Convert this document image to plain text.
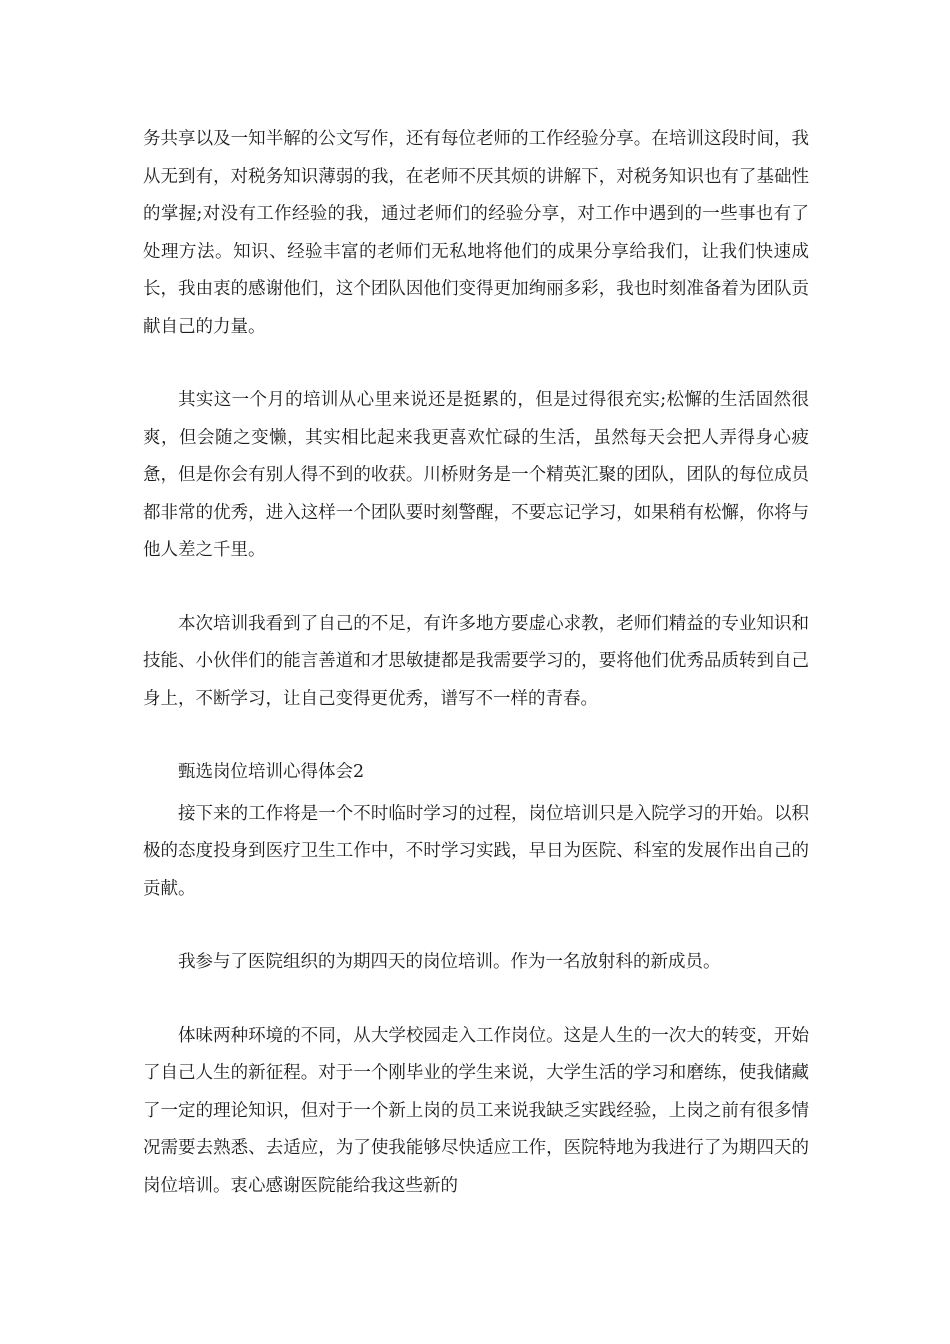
务共享以及一知半解的公文写作，还有每位老师的工作经验分享。在培训这段时间，我从无到有，对税务知识薄弱的我，在老师不厌其烦的讲解下，对税务知识也有了基础性的掌握;对没有工作经验的我，通过老师们的经验分享，对工作中遇到的一些事也有了处理方法。知识、经验丰富的老师们无私地将他们的成果分享给我们，让我们快速成长，我由衷的感谢他们，这个团队因他们变得更加绚丽多彩，我也时刻准备着为团队贡献自己的力量。

其实这一个月的培训从心里来说还是挺累的，但是过得很充实;松懈的生活固然很爽，但会随之变懒，其实相比起来我更喜欢忙碌的生活，虽然每天会把人弄得身心疲惫，但是你会有别人得不到的收获。川桥财务是一个精英汇聚的团队，团队的每位成员都非常的优秀，进入这样一个团队要时刻警醒，不要忘记学习，如果稍有松懈，你将与他人差之千里。

本次培训我看到了自己的不足，有许多地方要虚心求教，老师们精益的专业知识和技能、小伙伴们的能言善道和才思敏捷都是我需要学习的，要将他们优秀品质转到自己身上，不断学习，让自己变得更优秀，谱写不一样的青春。

甄选岗位培训心得体会2

接下来的工作将是一个不时临时学习的过程，岗位培训只是入院学习的开始。以积极的态度投身到医疗卫生工作中，不时学习实践，早日为医院、科室的发展作出自己的贡献。

我参与了医院组织的为期四天的岗位培训。作为一名放射科的新成员。

体味两种环境的不同，从大学校园走入工作岗位。这是人生的一次大的转变，开始了自己人生的新征程。对于一个刚毕业的学生来说，大学生活的学习和磨练，使我储藏了一定的理论知识，但对于一个新上岗的员工来说我缺乏实践经验，上岗之前有很多情况需要去熟悉、去适应，为了使我能够尽快适应工作，医院特地为我进行了为期四天的岗位培训。衷心感谢医院能给我这些新的
